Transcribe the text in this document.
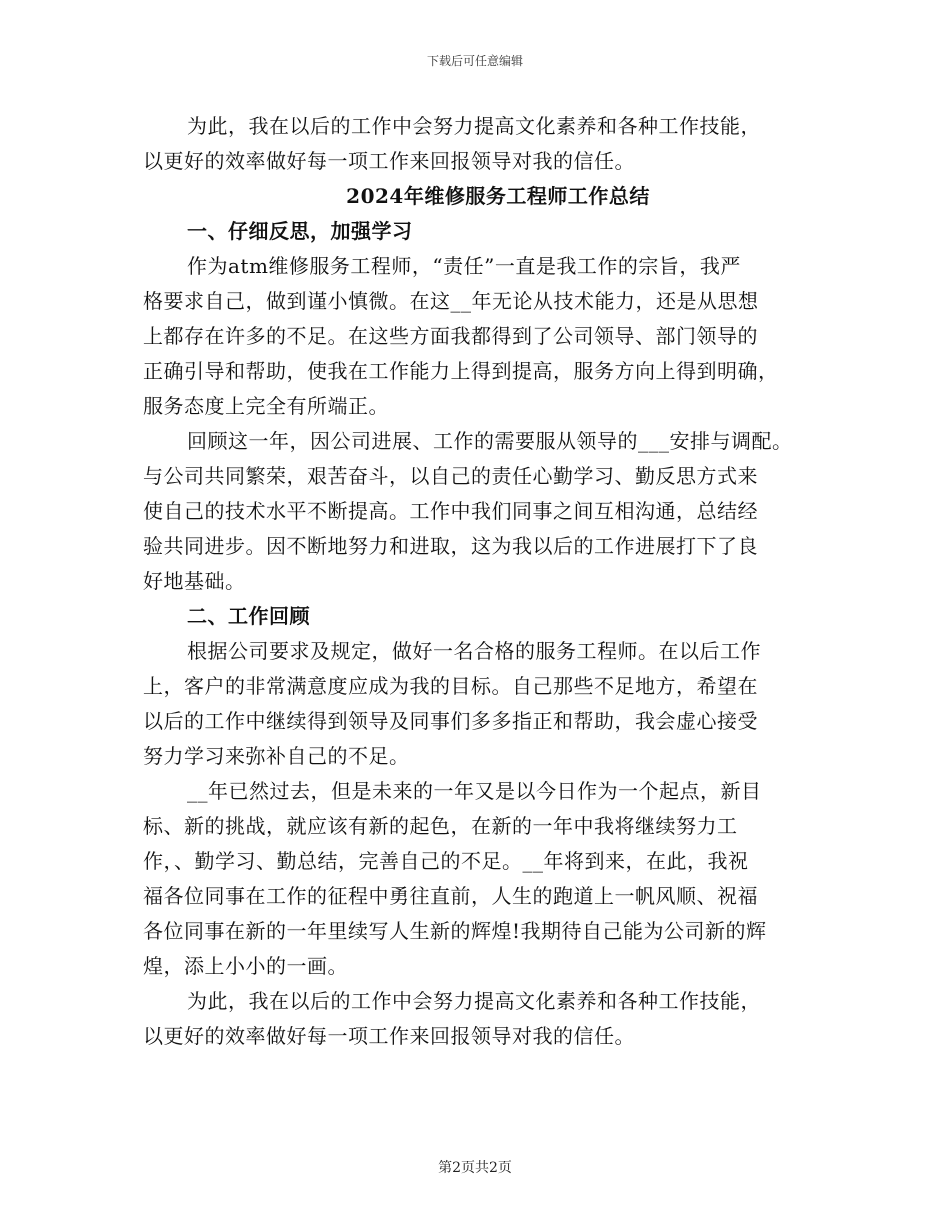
下载后可任意编辑
为此，我在以后的工作中会努力提高文化素养和各种工作技能，
以更好的效率做好每一项工作来回报领导对我的信任。
2024年维修服务工程师工作总结
一、仔细反思，加强学习
作为atm维修服务工程师，“责任”一直是我工作的宗旨，我严
格要求自己，做到谨小慎微。在这__年无论从技术能力，还是从思想
上都存在许多的不足。在这些方面我都得到了公司领导、部门领导的
正确引导和帮助，使我在工作能力上得到提高，服务方向上得到明确，
服务态度上完全有所端正。
回顾这一年，因公司进展、工作的需要服从领导的___安排与调配。
与公司共同繁荣，艰苦奋斗，以自己的责任心勤学习、勤反思方式来
使自己的技术水平不断提高。工作中我们同事之间互相沟通，总结经
验共同进步。因不断地努力和进取，这为我以后的工作进展打下了良
好地基础。
二、工作回顾
根据公司要求及规定，做好一名合格的服务工程师。在以后工作
上，客户的非常满意度应成为我的目标。自己那些不足地方，希望在
以后的工作中继续得到领导及同事们多多指正和帮助，我会虚心接受
努力学习来弥补自己的不足。
__年已然过去，但是未来的一年又是以今日作为一个起点，新目
标、新的挑战，就应该有新的起色，在新的一年中我将继续努力工
作，、勤学习、勤总结，完善自己的不足。__年将到来，在此，我祝
福各位同事在工作的征程中勇往直前，人生的跑道上一帆风顺、祝福
各位同事在新的一年里续写人生新的辉煌!我期待自己能为公司新的辉
煌，添上小小的一画。
为此，我在以后的工作中会努力提高文化素养和各种工作技能，
以更好的效率做好每一项工作来回报领导对我的信任。
第2页共2页
